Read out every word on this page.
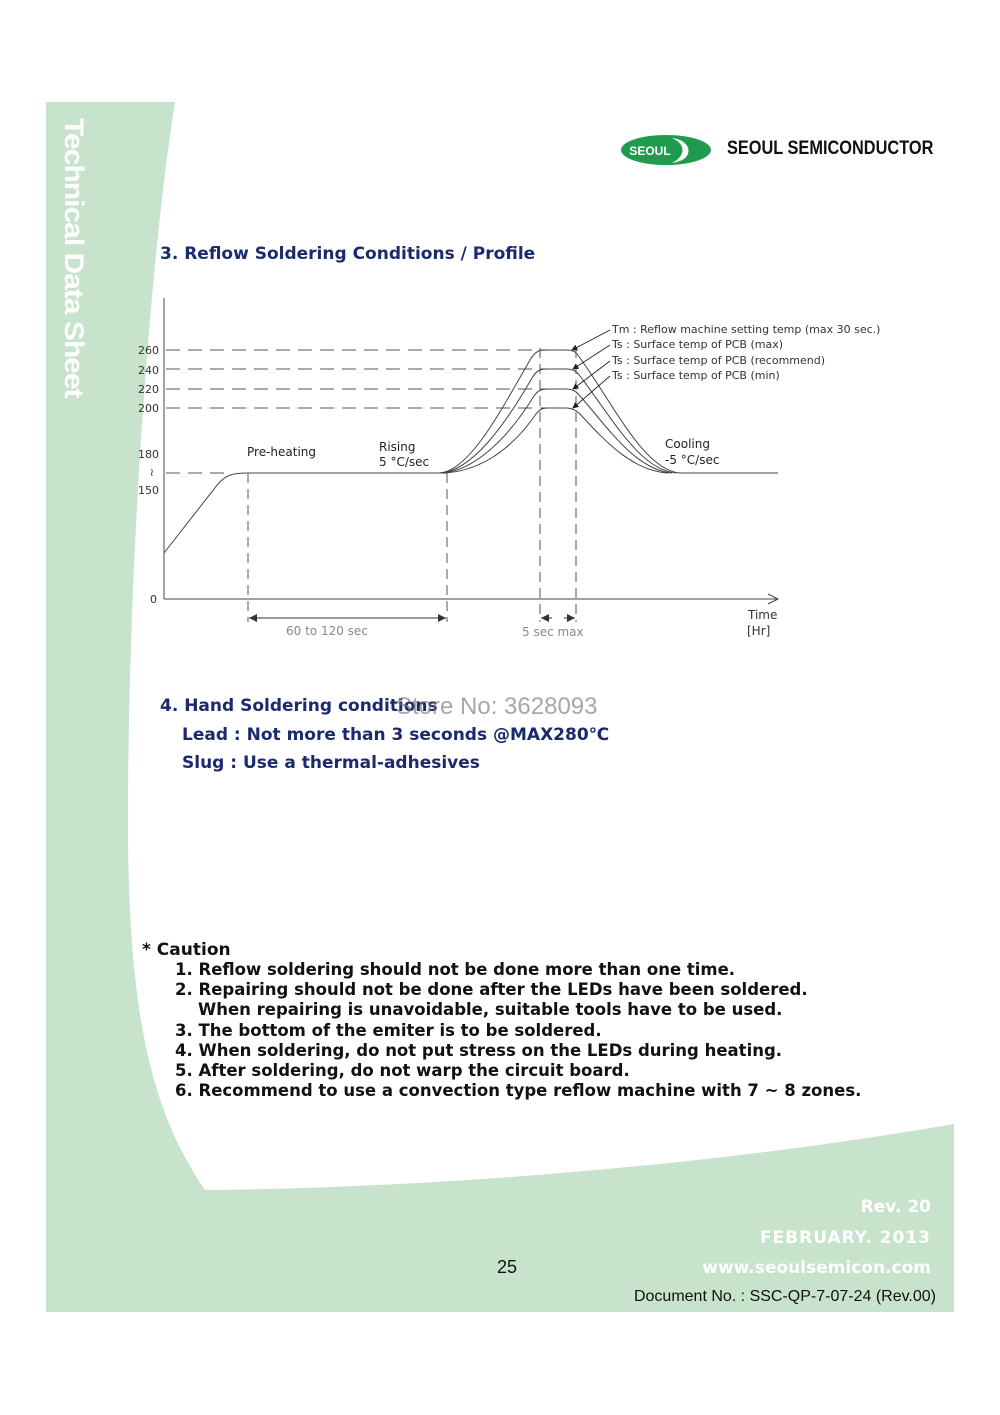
Technical Data Sheet	SEOUL	SEOUL SEMICONDUCTOR
3. Reflow Soldering Conditions / Profile
260
240
220
200
180
≀
150
0
Tm : Reflow machine setting temp (max 30 sec.)
Ts : Surface temp of PCB (max)
Ts : Surface temp of PCB (recommend)
Ts : Surface temp of PCB (min)
Pre-heating	Rising
5 °C/sec
Cooling
-5 °C/sec
60 to 120 sec	5 sec max
Time
[Hr]
4. Hand Soldering conditions
Store No: 3628093
Lead : Not more than 3 seconds @MAX280℃
Slug : Use a thermal-adhesives
* Caution
1. Reflow soldering should not be done more than one time.
2. Repairing should not be done after the LEDs have been soldered.
When repairing is unavoidable, suitable tools have to be used.
3. The bottom of the emiter is to be soldered.
4. When soldering, do not put stress on the LEDs during heating.
5. After soldering, do not warp the circuit board.
6. Recommend to use a convection type reflow machine with 7 ~ 8 zones.
Rev. 20
FEBRUARY. 2013
www.seoulsemicon.com
25
Document No. : SSC-QP-7-07-24 (Rev.00)
